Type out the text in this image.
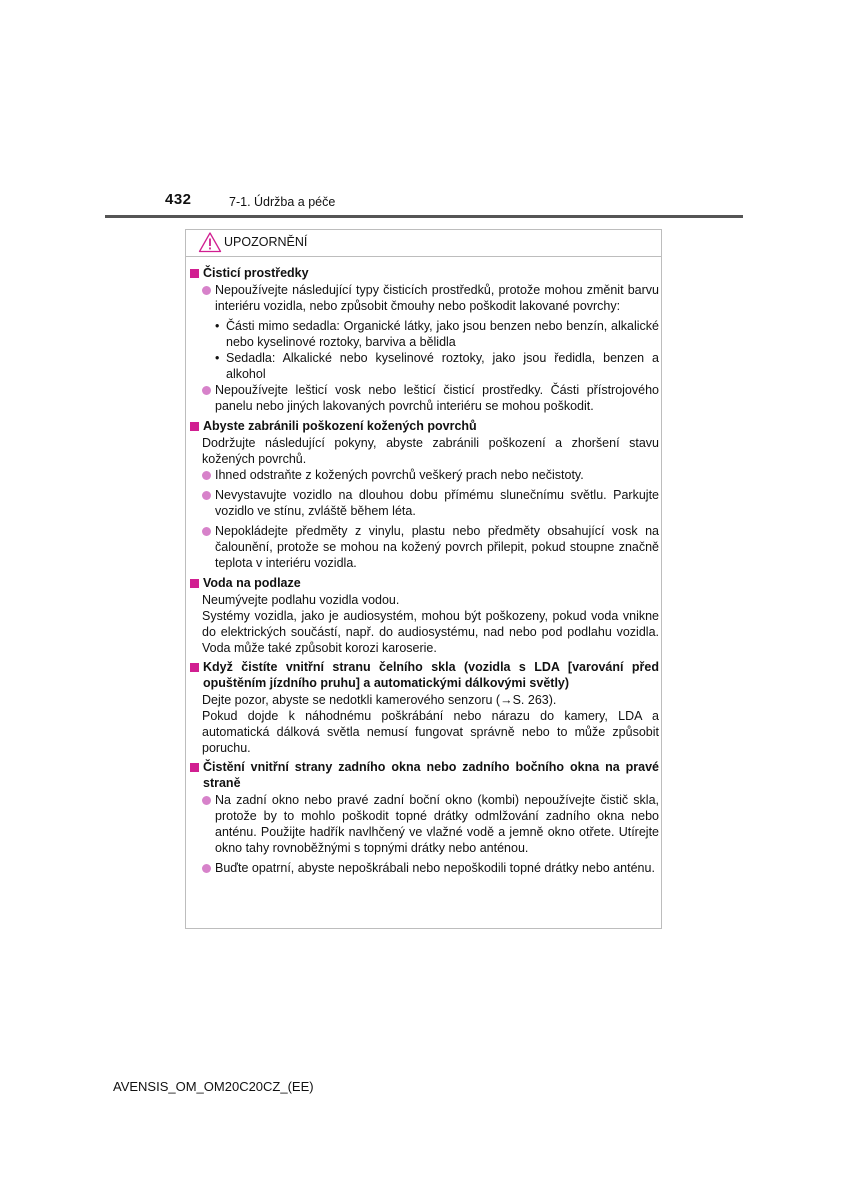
432	7-1. Údržba a péče
UPOZORNĚNÍ
Čisticí prostředky
Nepoužívejte následující typy čisticích prostředků, protože mohou změnit barvu interiéru vozidla, nebo způsobit čmouhy nebo poškodit lakované povrchy:
• Části mimo sedadla: Organické látky, jako jsou benzen nebo benzín, alkalické nebo kyselinové roztoky, barviva a bělidla
• Sedadla: Alkalické nebo kyselinové roztoky, jako jsou ředidla, benzen a alkohol
Nepoužívejte lešticí vosk nebo lešticí čisticí prostředky. Části přístrojového panelu nebo jiných lakovaných povrchů interiéru se mohou poškodit.
Abyste zabránili poškození kožených povrchů
Dodržujte následující pokyny, abyste zabránili poškození a zhoršení stavu kožených povrchů.
Ihned odstraňte z kožených povrchů veškerý prach nebo nečistoty.
Nevystavujte vozidlo na dlouhou dobu přímému slunečnímu světlu. Parkujte vozidlo ve stínu, zvláště během léta.
Nepokládejte předměty z vinylu, plastu nebo předměty obsahující vosk na čalounění, protože se mohou na kožený povrch přilepit, pokud stoupne značně teplota v interiéru vozidla.
Voda na podlaze
Neumývejte podlahu vozidla vodou.
Systémy vozidla, jako je audiosystém, mohou být poškozeny, pokud voda vnikne do elektrických součástí, např. do audiosystému, nad nebo pod podlahu vozidla. Voda může také způsobit korozi karoserie.
Když čistíte vnitřní stranu čelního skla (vozidla s LDA [varování před opuštěním jízdního pruhu] a automatickými dálkovými světly)
Dejte pozor, abyste se nedotkli kamerového senzoru (→S. 263).
Pokud dojde k náhodnému poškrábání nebo nárazu do kamery, LDA a automatická dálková světla nemusí fungovat správně nebo to může způsobit poruchu.
Čistění vnitřní strany zadního okna nebo zadního bočního okna na pravé straně
Na zadní okno nebo pravé zadní boční okno (kombi) nepoužívejte čistič skla, protože by to mohlo poškodit topné drátky odmlžování zadního okna nebo anténu. Použijte hadřík navlhčený ve vlažné vodě a jemně okno otřete. Utírejte okno tahy rovnoběžnými s topnými drátky nebo anténou.
Buďte opatrní, abyste nepoškrábali nebo nepoškodili topné drátky nebo anténu.
AVENSIS_OM_OM20C20CZ_(EE)
